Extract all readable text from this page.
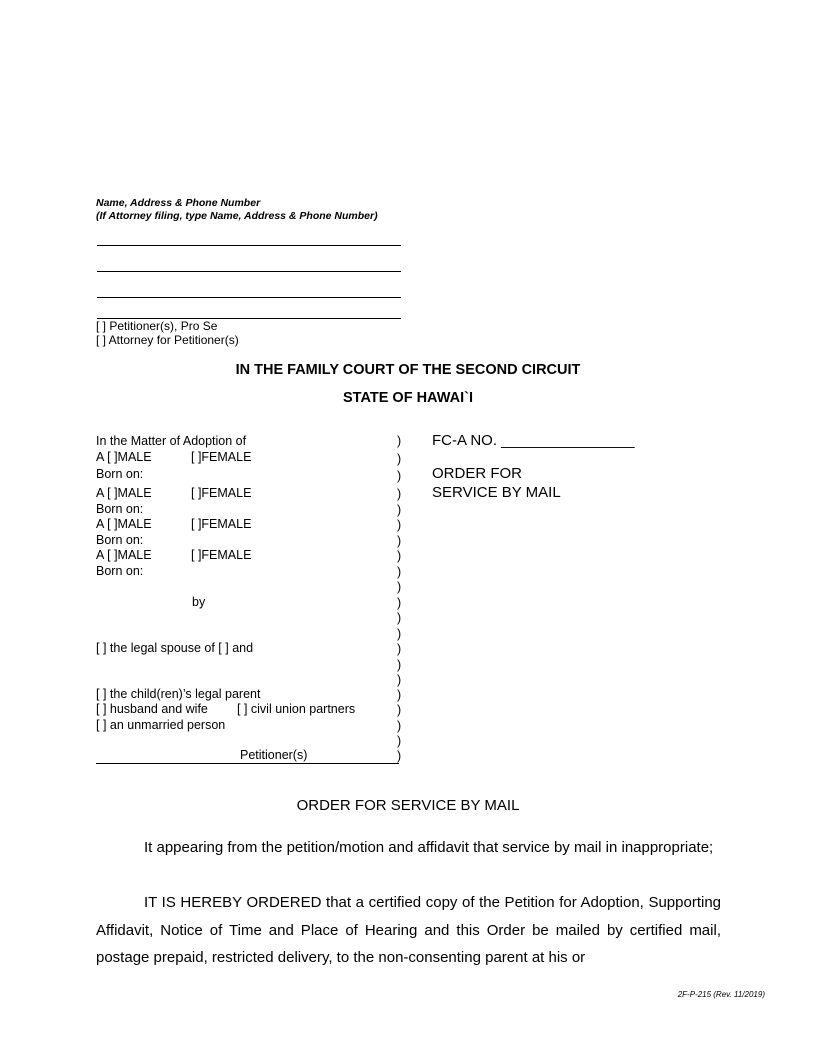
Name, Address & Phone Number
(If Attorney filing, type Name, Address & Phone Number)
[ ] Petitioner(s), Pro Se
[ ] Attorney for Petitioner(s)
IN THE FAMILY COURT OF THE SECOND CIRCUIT
STATE OF HAWAI`I
In the Matter of Adoption of
A [ ]MALE	[ ]FEMALE
Born on:
A [ ]MALE	[ ]FEMALE
Born on:
A [ ]MALE	[ ]FEMALE
Born on:
A [ ]MALE	[ ]FEMALE
Born on:
by
[ ] the legal spouse of [ ] and
[ ] the child(ren)’s legal parent
[ ] husband and wife [ ] civil union partners
[ ] an unmarried person
Petitioner(s)
)
)
)
)
)
)
)
)
)
)
)
)
)
)
)
)
)
)
)
)
)
FC-A NO. ________________
ORDER FOR
SERVICE BY MAIL
ORDER FOR SERVICE BY MAIL
It appearing from the petition/motion and affidavit that service by mail in inappropriate;
IT IS HEREBY ORDERED that a certified copy of the Petition for Adoption, Supporting Affidavit, Notice of Time and Place of Hearing and this Order be mailed by certified mail, postage prepaid, restricted delivery, to the non-consenting parent at his or
2F-P-215 (Rev. 11/2019)
